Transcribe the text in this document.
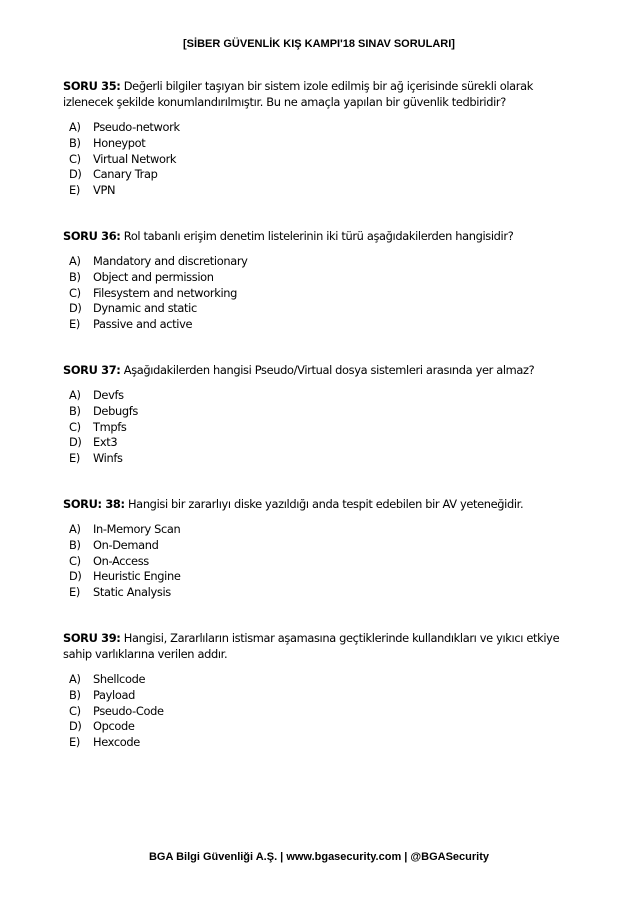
[SİBER GÜVENLİK KIŞ KAMPI'18 SINAV SORULARI]

SORU 35: Değerli bilgiler taşıyan bir sistem izole edilmiş bir ağ içerisinde sürekli olarak izlenecek şekilde konumlandırılmıştır. Bu ne amaçla yapılan bir güvenlik tedbiridir?

A)	Pseudo-network
B)	Honeypot
C)	Virtual Network
D)	Canary Trap
E)	VPN

SORU 36: Rol tabanlı erişim denetim listelerinin iki türü aşağıdakilerden hangisidir?

A)	Mandatory and discretionary
B)	Object and permission
C)	Filesystem and networking
D)	Dynamic and static
E)	Passive and active

SORU 37: Aşağıdakilerden hangisi Pseudo/Virtual dosya sistemleri arasında yer almaz?

A)	Devfs
B)	Debugfs
C)	Tmpfs
D)	Ext3
E)	Winfs

SORU: 38: Hangisi bir zararlıyı diske yazıldığı anda tespit edebilen bir AV yeteneğidir.

A)	In-Memory Scan
B)	On-Demand
C)	On-Access
D)	Heuristic Engine
E)	Static Analysis

SORU 39: Hangisi, Zararlıların istismar aşamasına geçtiklerinde kullandıkları ve yıkıcı etkiye sahip varlıklarına verilen addır.

A)	Shellcode
B)	Payload
C)	Pseudo-Code
D)	Opcode
E)	Hexcode
BGA Bilgi Güvenliği A.Ş. | www.bgasecurity.com | @BGASecurity
